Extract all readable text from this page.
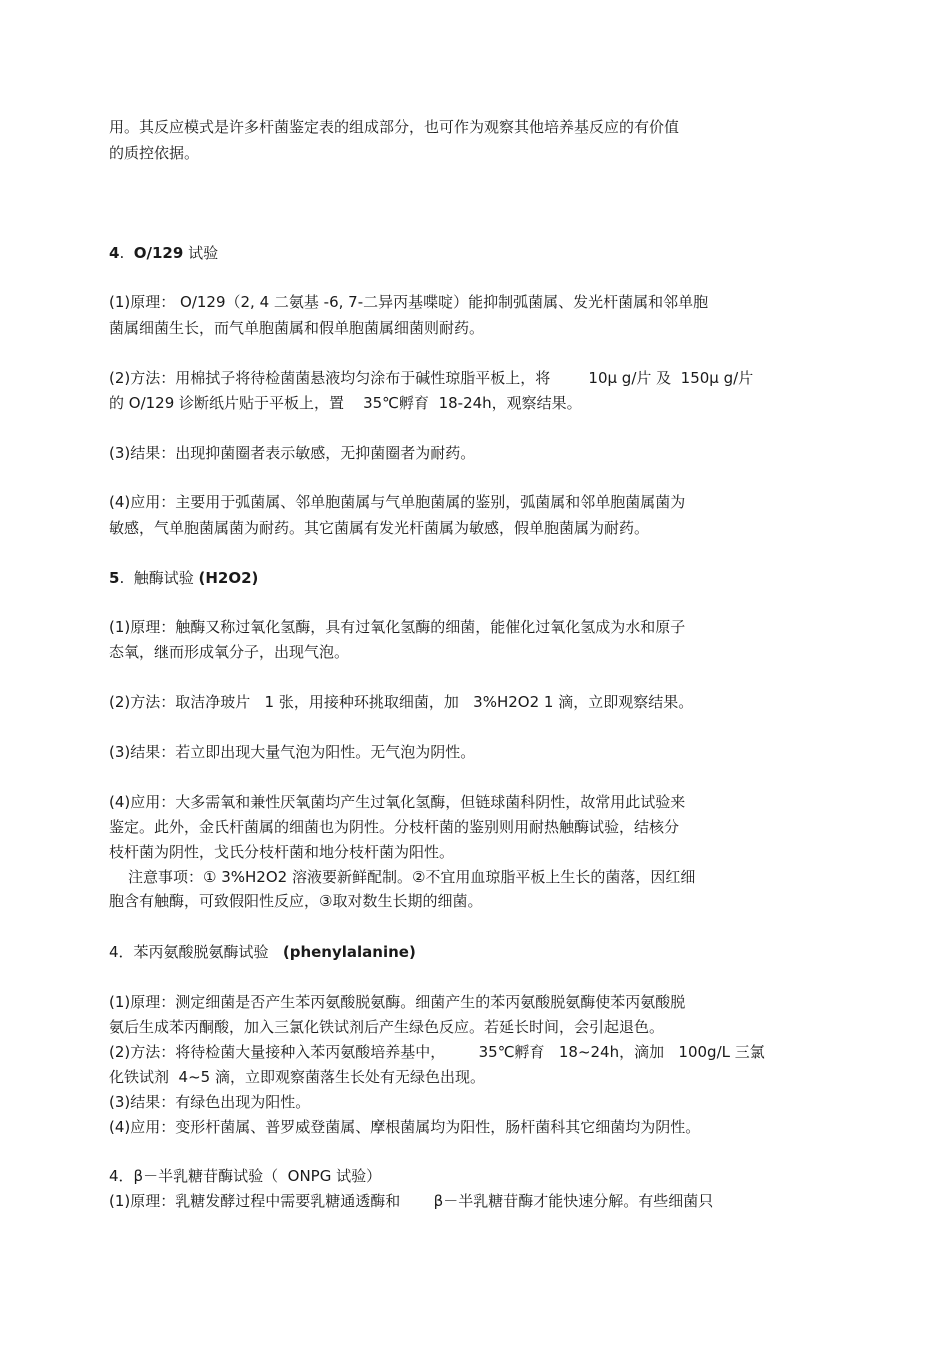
用。其反应模式是许多杆菌鉴定表的组成部分，也可作为观察其他培养基反应的有价值
的质控依据。
4.  O/129 试验
(1)原理： O/129（2, 4 二氨基 -6, 7-二异丙基喋啶）能抑制弧菌属、发光杆菌属和邻单胞
菌属细菌生长，而气单胞菌属和假单胞菌属细菌则耐药。
(2)方法：用棉拭子将待检菌菌悬液均匀涂布于碱性琼脂平板上，将        10μ g/片 及  150μ g/片
的 O/129 诊断纸片贴于平板上，置    35℃孵育  18-24h，观察结果。
(3)结果：出现抑菌圈者表示敏感，无抑菌圈者为耐药。
(4)应用：主要用于弧菌属、邻单胞菌属与气单胞菌属的鉴别，弧菌属和邻单胞菌属菌为
敏感，气单胞菌属菌为耐药。其它菌属有发光杆菌属为敏感，假单胞菌属为耐药。
5.  触酶试验 (H2O2)
(1)原理：触酶又称过氧化氢酶，具有过氧化氢酶的细菌，能催化过氧化氢成为水和原子
态氧，继而形成氧分子，出现气泡。
(2)方法：取洁净玻片   1 张，用接种环挑取细菌，加   3%H2O2 1 滴，立即观察结果。
(3)结果：若立即出现大量气泡为阳性。无气泡为阴性。
(4)应用：大多需氧和兼性厌氧菌均产生过氧化氢酶，但链球菌科阴性，故常用此试验来
鉴定。此外，金氏杆菌属的细菌也为阴性。分枝杆菌的鉴别则用耐热触酶试验，结核分
枝杆菌为阴性，戈氏分枝杆菌和地分枝杆菌为阳性。
注意事项：① 3%H2O2 溶液要新鲜配制。②不宜用血琼脂平板上生长的菌落，因红细
胞含有触酶，可致假阳性反应，③取对数生长期的细菌。
4．苯丙氨酸脱氨酶试验   (phenylalanine)
(1)原理：测定细菌是否产生苯丙氨酸脱氨酶。细菌产生的苯丙氨酸脱氨酶使苯丙氨酸脱
氨后生成苯丙酮酸，加入三氯化铁试剂后产生绿色反应。若延长时间，会引起退色。
(2)方法：将待检菌大量接种入苯丙氨酸培养基中，       35℃孵育   18~24h，滴加   100g/L 三氯
化铁试剂  4~5 滴，立即观察菌落生长处有无绿色出现。
(3)结果：有绿色出现为阳性。
(4)应用：变形杆菌属、普罗威登菌属、摩根菌属均为阳性，肠杆菌科其它细菌均为阴性。
4．β－半乳糖苷酶试验（  ONPG 试验）
(1)原理：乳糖发酵过程中需要乳糖通透酶和       β－半乳糖苷酶才能快速分解。有些细菌只
